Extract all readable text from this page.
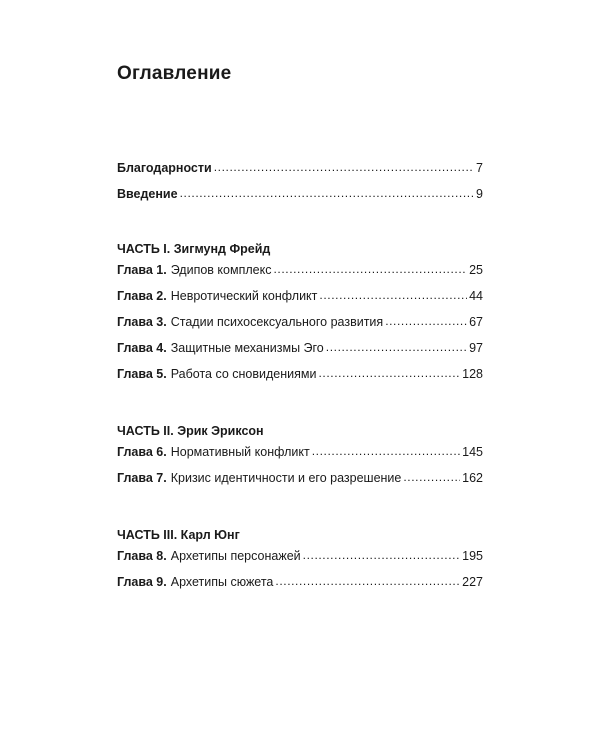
Оглавление
Благодарности .....	7
Введение .....	9
ЧАСТЬ I. Зигмунд Фрейд
Глава 1. Эдипов комплекс .....	25
Глава 2. Невротический конфликт .....	44
Глава 3. Стадии психосексуального развития .....	67
Глава 4. Защитные механизмы Эго .....	97
Глава 5. Работа со сновидениями .....	128
ЧАСТЬ II. Эрик Эриксон
Глава 6. Нормативный конфликт .....	145
Глава 7. Кризис идентичности и его разрешение .....	162
ЧАСТЬ III. Карл Юнг
Глава 8. Архетипы персонажей .....	195
Глава 9. Архетипы сюжета .....	227
